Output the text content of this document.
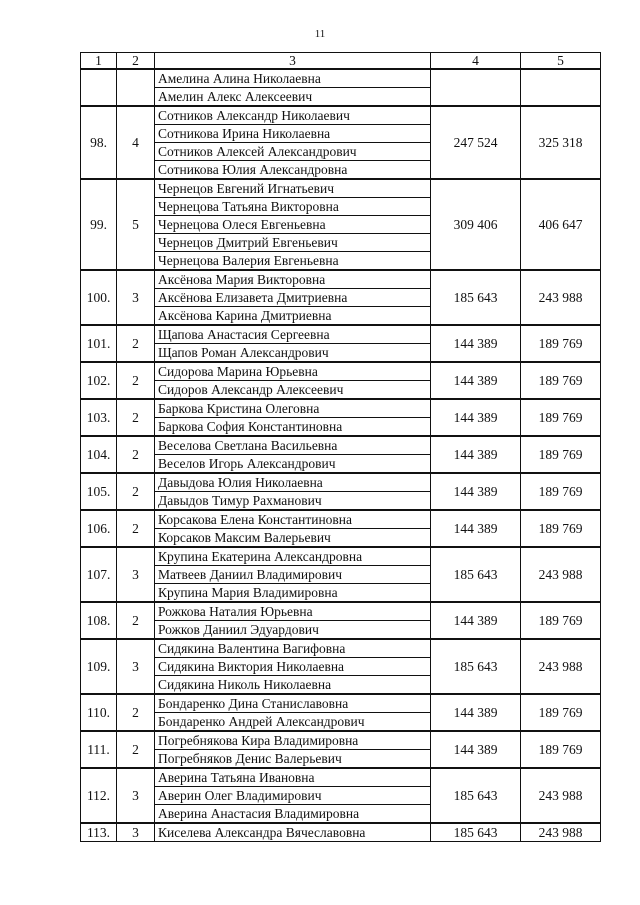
11
1	2	3	4	5
		Амелина Алина Николаевна		
		Амелин Алекс Алексеевич		
98.	4	Сотников Александр Николаевич	247 524	325 318
		Сотникова Ирина Николаевна		
		Сотников Алексей Александрович		
		Сотникова Юлия Александровна		
99.	5	Чернецов Евгений Игнатьевич	309 406	406 647
		Чернецова Татьяна Викторовна		
		Чернецова Олеся Евгеньевна		
		Чернецов Дмитрий Евгеньевич		
		Чернецова Валерия Евгеньевна		
100.	3	Аксёнова Мария Викторовна	185 643	243 988
		Аксёнова Елизавета Дмитриевна		
		Аксёнова Карина Дмитриевна		
101.	2	Щапова Анастасия Сергеевна	144 389	189 769
		Щапов Роман Александрович		
102.	2	Сидорова Марина Юрьевна	144 389	189 769
		Сидоров Александр Алексеевич		
103.	2	Баркова Кристина Олеговна	144 389	189 769
		Баркова София Константиновна		
104.	2	Веселова Светлана Васильевна	144 389	189 769
		Веселов Игорь Александрович		
105.	2	Давыдова Юлия Николаевна	144 389	189 769
		Давыдов Тимур Рахманович		
106.	2	Корсакова Елена Константиновна	144 389	189 769
		Корсаков Максим Валерьевич		
107.	3	Крупина Екатерина Александровна	185 643	243 988
		Матвеев Даниил Владимирович		
		Крупина Мария Владимировна		
108.	2	Рожкова Наталия Юрьевна	144 389	189 769
		Рожков Даниил Эдуардович		
109.	3	Сидякина Валентина Вагифовна	185 643	243 988
		Сидякина Виктория Николаевна		
		Сидякина Николь Николаевна		
110.	2	Бондаренко Дина Станиславовна	144 389	189 769
		Бондаренко Андрей Александрович		
111.	2	Погребнякова Кира Владимировна	144 389	189 769
		Погребняков Денис Валерьевич		
112.	3	Аверина Татьяна Ивановна	185 643	243 988
		Аверин Олег Владимирович		
		Аверина Анастасия Владимировна		
113.	3	Киселева Александра Вячеславовна	185 643	243 988
